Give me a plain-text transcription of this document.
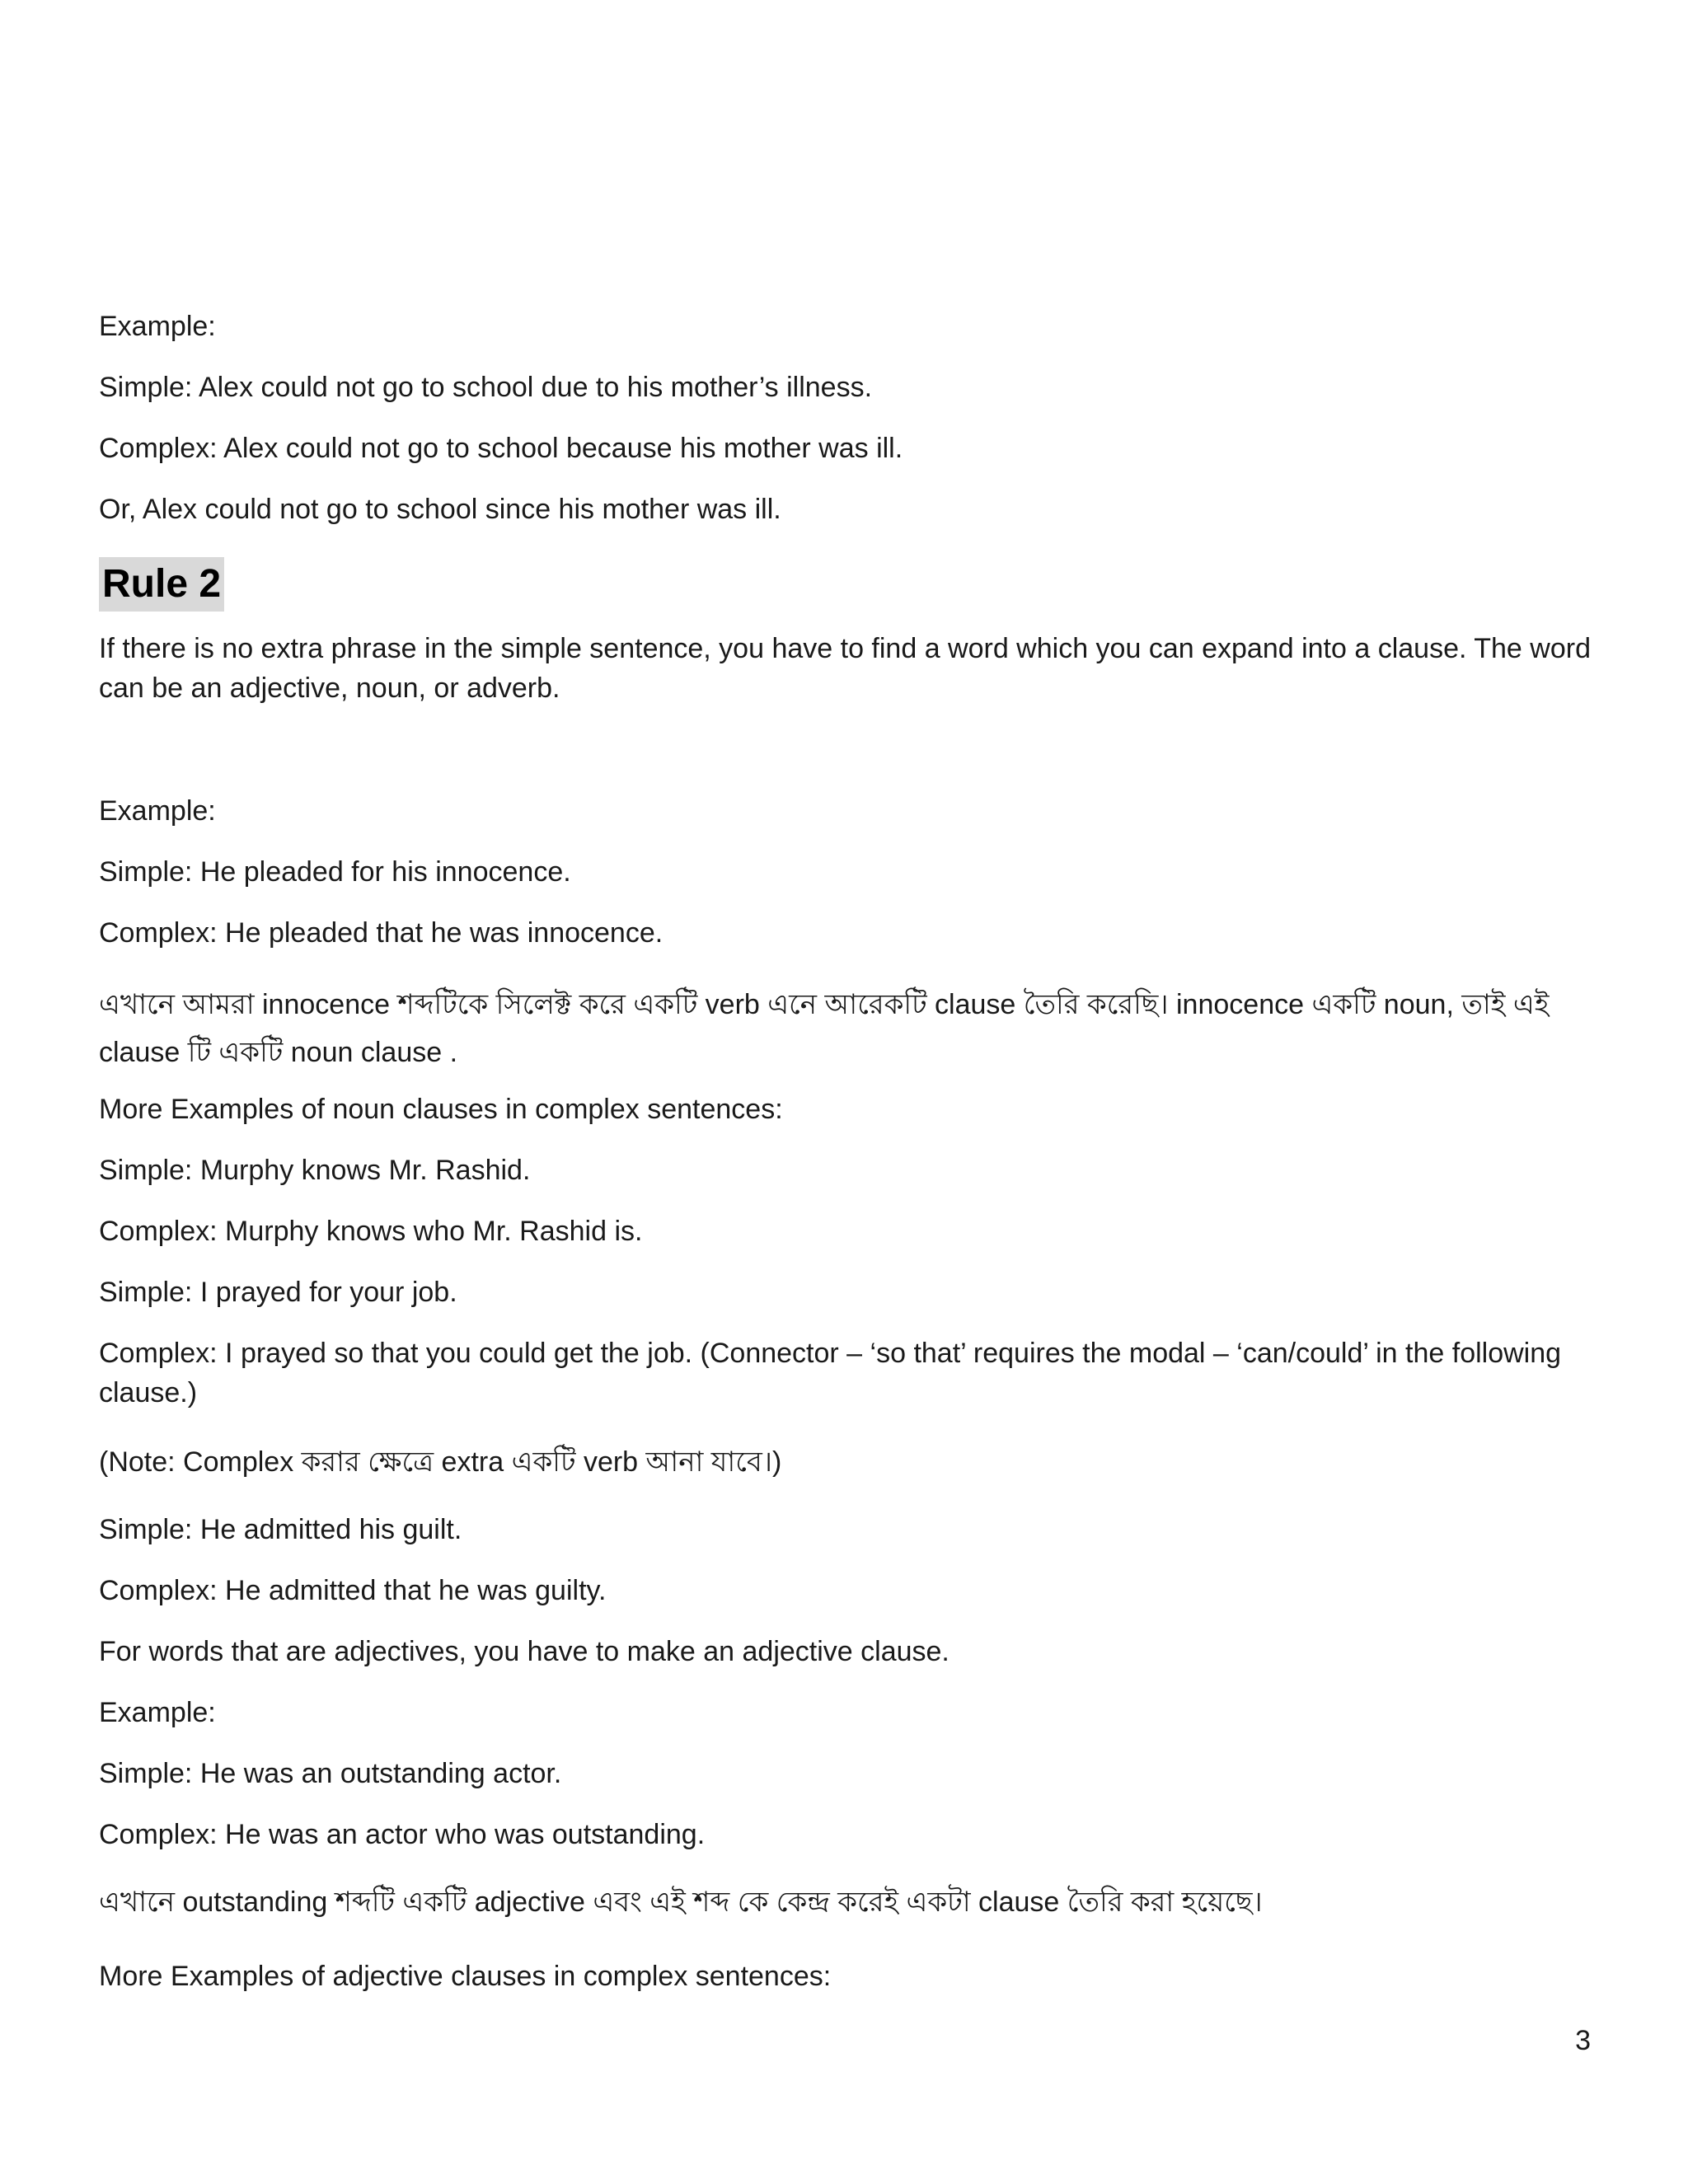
Example:
Simple: Alex could not go to school due to his mother’s illness.
Complex: Alex could not go to school because his mother was ill.
Or, Alex could not go to school since his mother was ill.
Rule 2
If there is no extra phrase in the simple sentence, you have to find a word which you can expand into a clause. The word can be an adjective, noun, or adverb.
Example:
Simple: He pleaded for his innocence.
Complex: He pleaded that he was innocence.
এখানে আমরা innocence শব্দটিকে সিলেক্ট করে একটি verb এনে আরেকটি clause তৈরি করেছি। innocence একটি noun, তাই এই clause টি একটি noun clause .
More Examples of noun clauses in complex sentences:
Simple: Murphy knows Mr. Rashid.
Complex: Murphy knows who Mr. Rashid is.
Simple: I prayed for your job.
Complex: I prayed so that you could get the job. (Connector – ‘so that’ requires the modal – ‘can/could’ in the following clause.)
(Note: Complex করার ক্ষেত্রে extra একটি verb আনা যাবে।)
Simple: He admitted his guilt.
Complex: He admitted that he was guilty.
For words that are adjectives, you have to make an adjective clause.
Example:
Simple: He was an outstanding actor.
Complex: He was an actor who was outstanding.
এখানে outstanding শব্দটি একটি adjective এবং এই শব্দ কে কেন্দ্র করেই একটা clause তৈরি করা হয়েছে।
More Examples of adjective clauses in complex sentences:
3
